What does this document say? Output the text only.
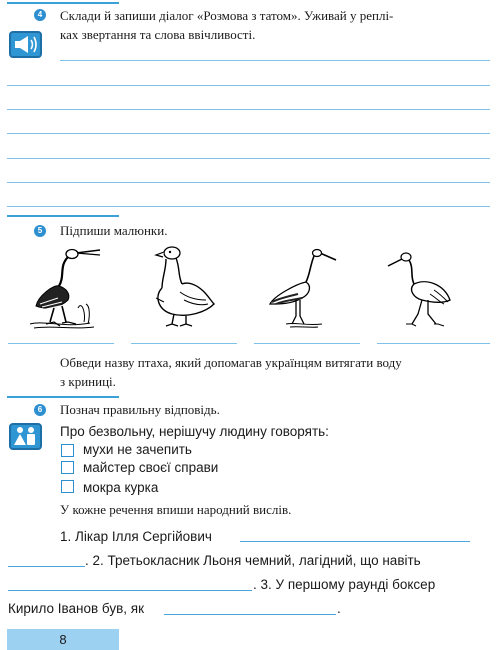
4 Склади й запиши діалог «Розмова з татом». Уживай у реплі-
ках звертання та слова ввічливості.
5 Підпиши малюнки.
Обведи назву птаха, який допомагав українцям витягати воду
з криниці.
6 Познач правильну відповідь.
Про безвольну, нерішучу людину говорять:
мухи не зачепить
майстер своєї справи
мокра курка
У кожне речення впиши народний вислів.
1. Лікар Ілля Сергійович
. 2. Третьокласник Льоня чемний, лагідний, що навіть
. 3. У першому раунді боксер
Кирило Іванов був, як	.
8
